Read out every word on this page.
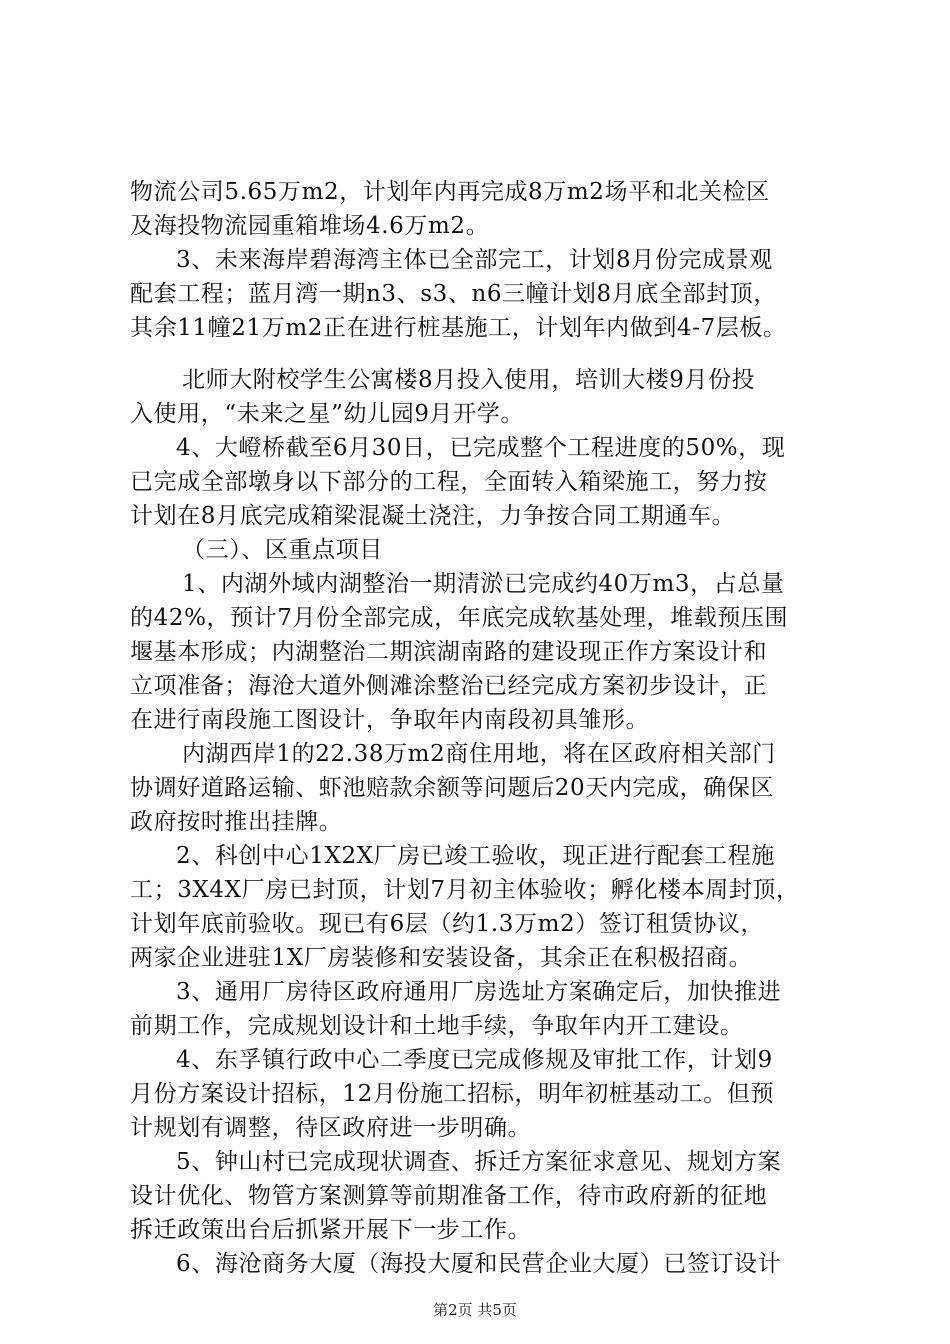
物流公司5.65万m2，计划年内再完成8万m2场平和北关检区
及海投物流园重箱堆场4.6万m2。
3、未来海岸碧海湾主体已全部完工，计划8月份完成景观
配套工程；蓝月湾一期n3、s3、n6三幢计划8月底全部封顶，
其余11幢21万m2正在进行桩基施工，计划年内做到4-7层板。
北师大附校学生公寓楼8月投入使用，培训大楼9月份投
入使用，“未来之星”幼儿园9月开学。
4、大嶝桥截至6月30日，已完成整个工程进度的50%，现
已完成全部墩身以下部分的工程，全面转入箱梁施工，努力按
计划在8月底完成箱梁混凝土浇注，力争按合同工期通车。
（三）、区重点项目
1、内湖外域内湖整治一期清淤已完成约40万m3，占总量
的42%，预计7月份全部完成，年底完成软基处理，堆载预压围
堰基本形成；内湖整治二期滨湖南路的建设现正作方案设计和
立项准备；海沧大道外侧滩涂整治已经完成方案初步设计，正
在进行南段施工图设计，争取年内南段初具雏形。
内湖西岸1的22.38万m2商住用地，将在区政府相关部门
协调好道路运输、虾池赔款余额等问题后20天内完成，确保区
政府按时推出挂牌。
2、科创中心1X2X厂房已竣工验收，现正进行配套工程施
工；3X4X厂房已封顶，计划7月初主体验收；孵化楼本周封顶，
计划年底前验收。现已有6层（约1.3万m2）签订租赁协议，
两家企业进驻1X厂房装修和安装设备，其余正在积极招商。
3、通用厂房待区政府通用厂房选址方案确定后，加快推进
前期工作，完成规划设计和土地手续，争取年内开工建设。
4、东孚镇行政中心二季度已完成修规及审批工作，计划9
月份方案设计招标，12月份施工招标，明年初桩基动工。但预
计规划有调整，待区政府进一步明确。
5、钟山村已完成现状调查、拆迁方案征求意见、规划方案
设计优化、物管方案测算等前期准备工作，待市政府新的征地
拆迁政策出台后抓紧开展下一步工作。
6、海沧商务大厦（海投大厦和民营企业大厦）已签订设计
第2页 共5页
